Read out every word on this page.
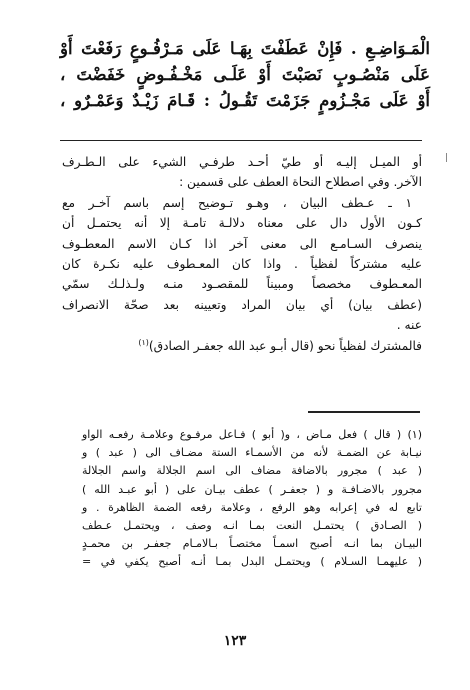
الْمَـوَاضِـعِ . فَإِنْ عَطَفْتَ بِهَـا عَلَى مَـرْفُـوعٍ رَفَعْتَ أَوْ
عَلَى مَنْصُـوبٍ نَصَبْتَ أَوْ عَلَـى مَخْـفُـوضٍ خَفَضْتَ ،
أَوْ عَلَى مَجْـزُومٍ جَزَمْتَ تَقُـولُ : قَـامَ زَيْـدٌ وَعَمْـرٌو ،
أو الميـل إليـه أو طيّ أحـد طرفـي الشيء على الـطـرف
الآخر. وفي اصطلاح النحاة العطف على قسمين :
١ ـ عـطف البيان ، وهـو تـوضيح إسم باسم آخـر مع
كـون الأول دال على معناه دلالـة تامـة إلا أنه يحتمـل أن
ينصرف السـامـع الى معنى آخر اذا كـان الاسم المعطـوف
عليه مشتركاً لفظياً . واذا كان المعـطوف عليه نكـرة كان
المعـطوف مخصصاً ومبيناً للمقصـود منـه ولـذلـك سمّي
(عطف بيان) أي بيان المراد وتعيينه بعد صحّة الانصراف
عنه .
فالمشترك لفظياً نحو (قال أبـو عبد الله جعفـر الصادق)$^{(١)}$
(١) ( قال ) فعل مـاض ، و( أبو ) فـاعل مرفـوع وعلامـة رفعـه الواو
نيـابة عن الضمـة لأنه من الأسمـاء الستة مضـاف الى ( عبد ) و
( عبد ) مجرور بالاضافة مضاف الى اسم الجلالة واسم الجلالة
مجرور بالاضـافـة و ( جعفـر ) عطف بيـان على ( أبو عبـد الله )
تابع له في إعرابه وهو الرفع ، وعلامة رفعه الضمة الظاهرة . و
( الصـادق ) يحتمـل النعت بمـا انـه وصف ، ويحتمـل عـطف
البيـان بما انـه أصبح اسمـاً مختصـاً بـالامـام جعفـر بن محمـدٍ
( عليهمـا السـلام ) ويحتمـل البدل بمـا أنـه أصبح يكفي في =
١٢٣
